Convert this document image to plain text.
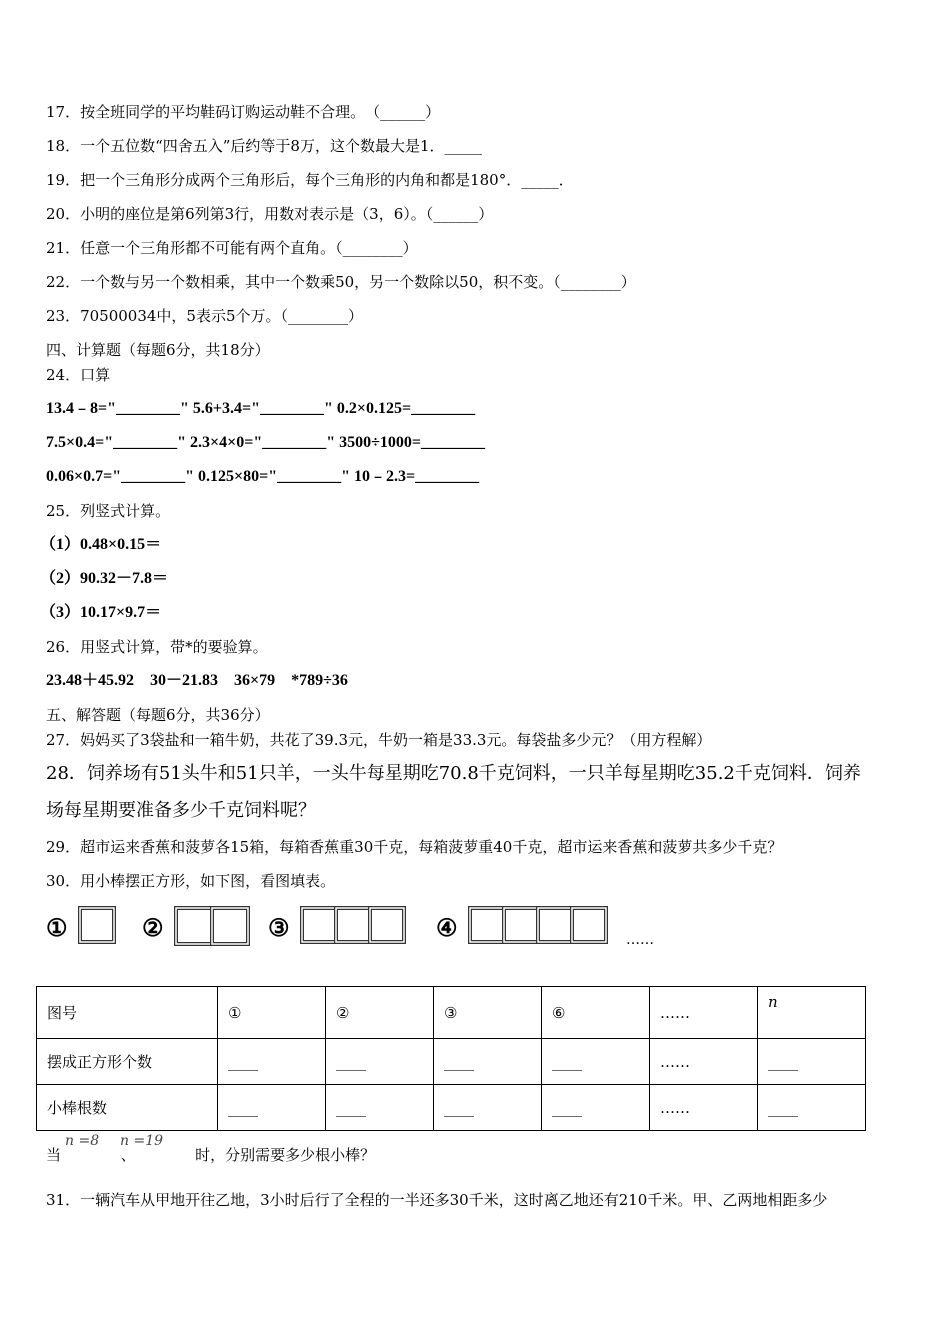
17．按全班同学的平均鞋码订购运动鞋不合理。　（______）
18．一个五位数“四舍五入”后约等于8万，这个数最大是1．_____
19．把一个三角形分成两个三角形后，每个三角形的内角和都是180°．_____．
20．小明的座位是第6列第3行，用数对表示是（3，6）。（______）
21．任意一个三角形都不可能有两个直角。（________）
22．一个数与另一个数相乘，其中一个数乘50，另一个数除以50，积不变。（________）
23．70500034中，5表示5个万。（________）
四、计算题（每题6分，共18分）
24．口算
13.4﹣8="________" 5.6+3.4="________" 0.2×0.125=________
7.5×0.4="________" 2.3×4×0="________" 3500÷1000=________
0.06×0.7="________" 0.125×80="________" 10﹣2.3=________
25．列竖式计算。
（1）0.48×0.15＝
（2）90.32－7.8＝
（3）10.17×9.7＝
26．用竖式计算，带*的要验算。
23.48＋45.92　30－21.83　36×79　*789÷36
五、解答题（每题6分，共36分）
27．妈妈买了3袋盐和一箱牛奶，共花了39.3元，牛奶一箱是33.3元。每袋盐多少元？（用方程解）
28．饲养场有51头牛和51只羊，一头牛每星期吃70.8千克饲料，一只羊每星期吃35.2千克饲料．饲养
场每星期要准备多少千克饲料呢？
29．超市运来香蕉和菠萝各15箱，每箱香蕉重30千克，每箱菠萝重40千克，超市运来香蕉和菠萝共多少千克？
30．用小棒摆正方形，如下图，看图填表。
①	②	③	④	……
图号	①	②	③	⑥	……	n
摆成正方形个数	____	____	____	____	……	____
小棒根数	____	____	____	____	……	____
当	、	时，分别需要多少根小棒？
n =8 n =19
31．一辆汽车从甲地开往乙地，3小时后行了全程的一半还多30千米，这时离乙地还有210千米。甲、乙两地相距多少
